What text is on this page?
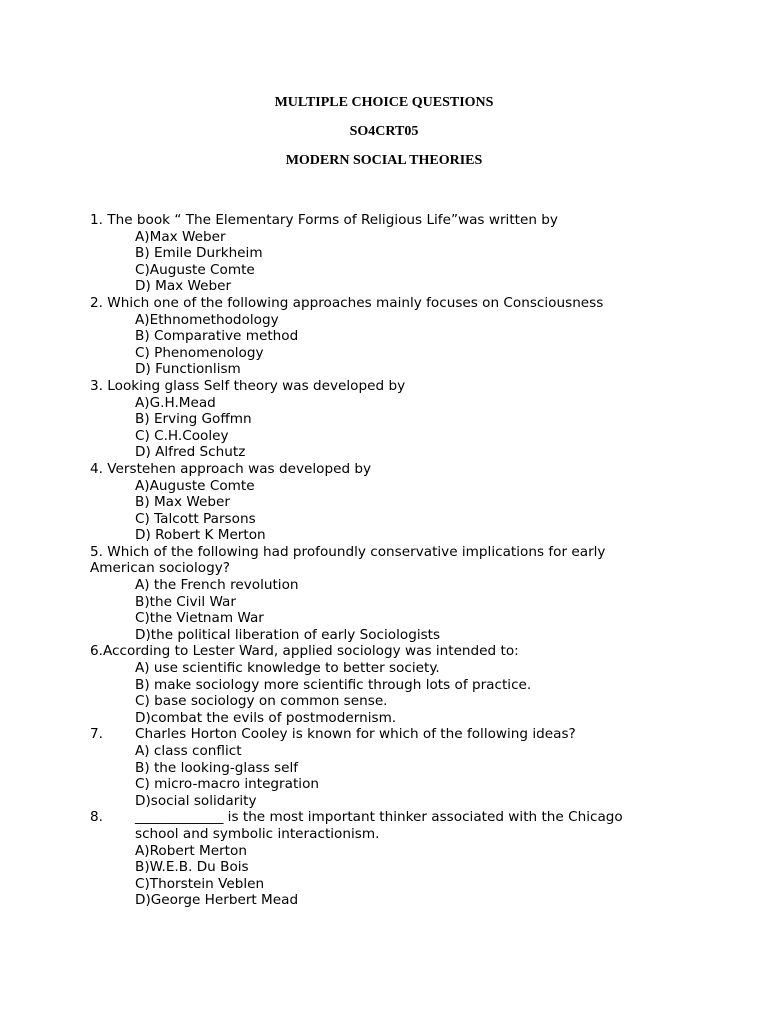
MULTIPLE CHOICE QUESTIONS
SO4CRT05
MODERN SOCIAL THEORIES
1. The book “ The Elementary Forms of Religious Life”was written by
A)Max Weber
B) Emile Durkheim
C)Auguste Comte
D) Max Weber
2. Which one of the following approaches mainly focuses on Consciousness
A)Ethnomethodology
B) Comparative method
C) Phenomenology
D) Functionlism
3. Looking glass Self theory was developed by
A)G.H.Mead
B) Erving Goffmn
C) C.H.Cooley
D) Alfred Schutz
4. Verstehen approach was developed by
A)Auguste Comte
B) Max Weber
C) Talcott Parsons
D) Robert K Merton
5. Which of the following had profoundly conservative implications for early
American sociology?
A) the French revolution
B)the Civil War
C)the Vietnam War
D)the political liberation of early Sociologists
6.According to Lester Ward, applied sociology was intended to:
A) use scientific knowledge to better society.
B) make sociology more scientific through lots of practice.
C) base sociology on common sense.
D)combat the evils of postmodernism.
7. Charles Horton Cooley is known for which of the following ideas?
A) class conflict
B) the looking-glass self
C) micro-macro integration
D)social solidarity
8. _____________ is the most important thinker associated with the Chicago
school and symbolic interactionism.
A)Robert Merton
B)W.E.B. Du Bois
C)Thorstein Veblen
D)George Herbert Mead
